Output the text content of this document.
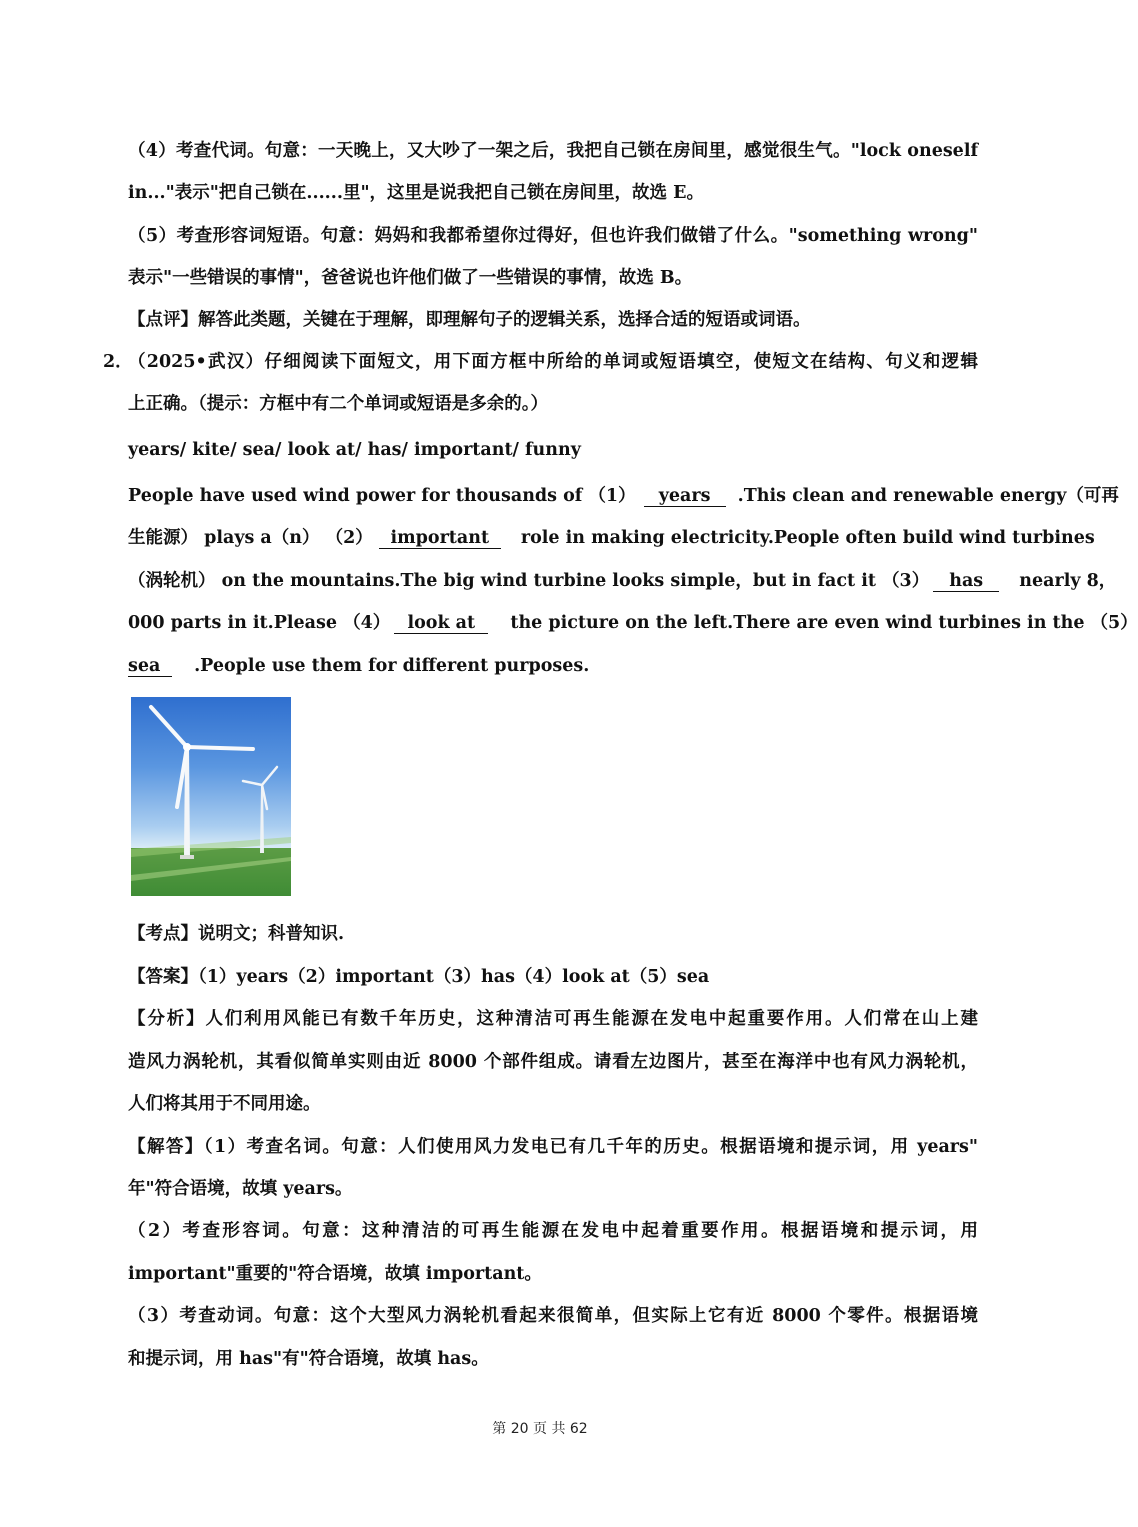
（4）考查代词。句意：一天晚上，又大吵了一架之后，我把自己锁在房间里，感觉很生气。"lock oneself
in..."表示"把自己锁在......里"，这里是说我把自己锁在房间里，故选 E。
（5）考查形容词短语。句意：妈妈和我都希望你过得好，但也许我们做错了什么。"something wrong"
表示"一些错误的事情"，爸爸说也许他们做了一些错误的事情，故选 B。
【点评】解答此类题，关键在于理解，即理解句子的逻辑关系，选择合适的短语或词语。
2．
（2025•武汉）仔细阅读下面短文，用下面方框中所给的单词或短语填空，使短文在结构、句义和逻辑
上正确。（提示：方框中有二个单词或短语是多余的。）
years/ kite/ sea/ look at/ has/ important/ funny
People have used wind power for thousands of （1） years .This clean and renewable energy（可再
生能源） plays a（n） （2） important role in making electricity.People often build wind turbines
（涡轮机） on the mountains.The big wind turbine looks simple，but in fact it （3） has nearly 8，
000 parts in it.Please （4） look at the picture on the left.There are even wind turbines in the （5）
sea .People use them for different purposes.
【考点】说明文；科普知识.
【答案】（1）years（2）important（3）has（4）look at（5）sea
【分析】人们利用风能已有数千年历史，这种清洁可再生能源在发电中起重要作用。人们常在山上建
造风力涡轮机，其看似简单实则由近 8000 个部件组成。请看左边图片，甚至在海洋中也有风力涡轮机，
人们将其用于不同用途。
【解答】（1）考查名词。句意：人们使用风力发电已有几千年的历史。根据语境和提示词，用 years"
年"符合语境，故填 years。
（2）考查形容词。句意：这种清洁的可再生能源在发电中起着重要作用。根据语境和提示词，用
important"重要的"符合语境，故填 important。
（3）考查动词。句意：这个大型风力涡轮机看起来很简单，但实际上它有近 8000 个零件。根据语境
和提示词，用 has"有"符合语境，故填 has。
第 20 页 共 62
